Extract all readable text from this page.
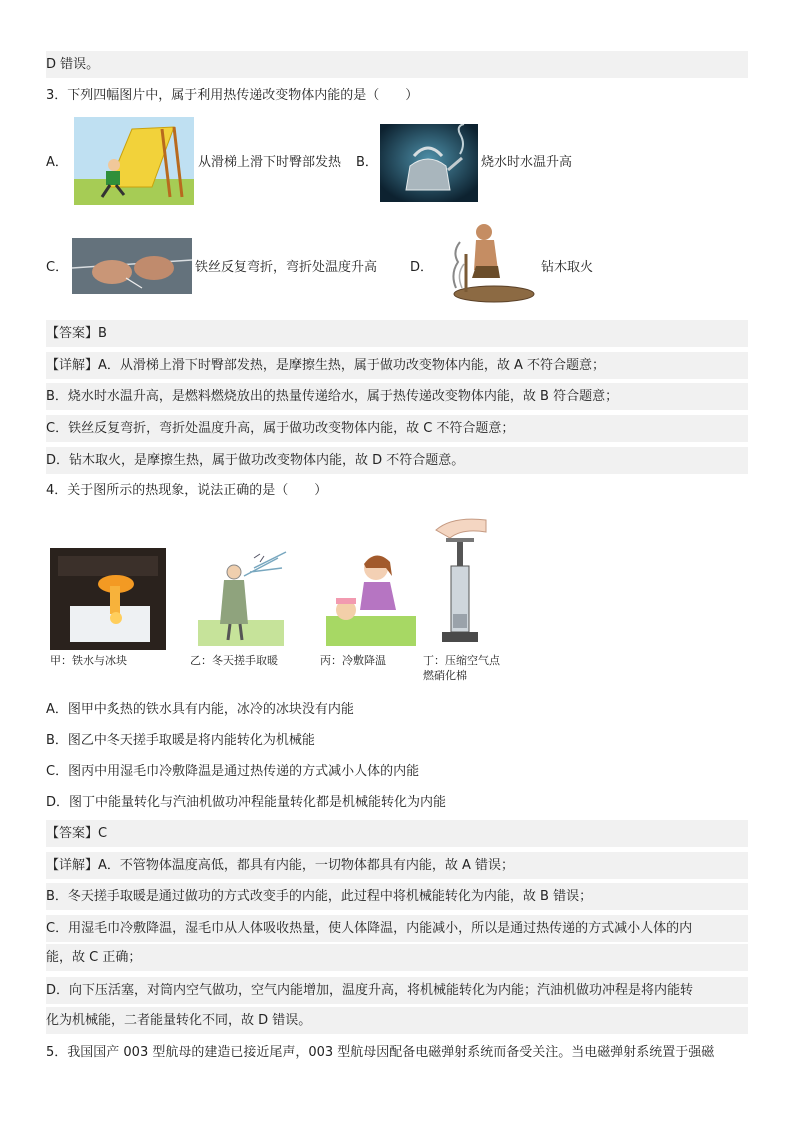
D 错误。
3．下列四幅图片中，属于利用热传递改变物体内能的是（　　）
A．	从滑梯上滑下时臀部发热 B．	烧水时水温升高
C．	铁丝反复弯折，弯折处温度升高	D．	钻木取火
【答案】B
【详解】A．从滑梯上滑下时臀部发热，是摩擦生热，属于做功改变物体内能，故 A 不符合题意；
B．烧水时水温升高，是燃料燃烧放出的热量传递给水，属于热传递改变物体内能，故 B 符合题意；
C．铁丝反复弯折，弯折处温度升高，属于做功改变物体内能，故 C 不符合题意；
D．钻木取火，是摩擦生热，属于做功改变物体内能，故 D 不符合题意。
4．关于图所示的热现象，说法正确的是（　　）
甲：铁水与冰块	乙：冬天搓手取暖	丙：冷敷降温	丁：压缩空气点
燃硝化棉
A．图甲中炙热的铁水具有内能，冰冷的冰块没有内能
B．图乙中冬天搓手取暖是将内能转化为机械能
C．图丙中用湿毛巾冷敷降温是通过热传递的方式减小人体的内能
D．图丁中能量转化与汽油机做功冲程能量转化都是机械能转化为内能
【答案】C
【详解】A．不管物体温度高低，都具有内能，一切物体都具有内能，故 A 错误；
B．冬天搓手取暖是通过做功的方式改变手的内能，此过程中将机械能转化为内能，故 B 错误；
C．用湿毛巾冷敷降温，湿毛巾从人体吸收热量，使人体降温，内能减小，所以是通过热传递的方式减小人体的内
能，故 C 正确；
D．向下压活塞，对筒内空气做功，空气内能增加，温度升高，将机械能转化为内能；汽油机做功冲程是将内能转
化为机械能，二者能量转化不同，故 D 错误。
5．我国国产 003 型航母的建造已接近尾声，003 型航母因配备电磁弹射系统而备受关注。当电磁弹射系统置于强磁
